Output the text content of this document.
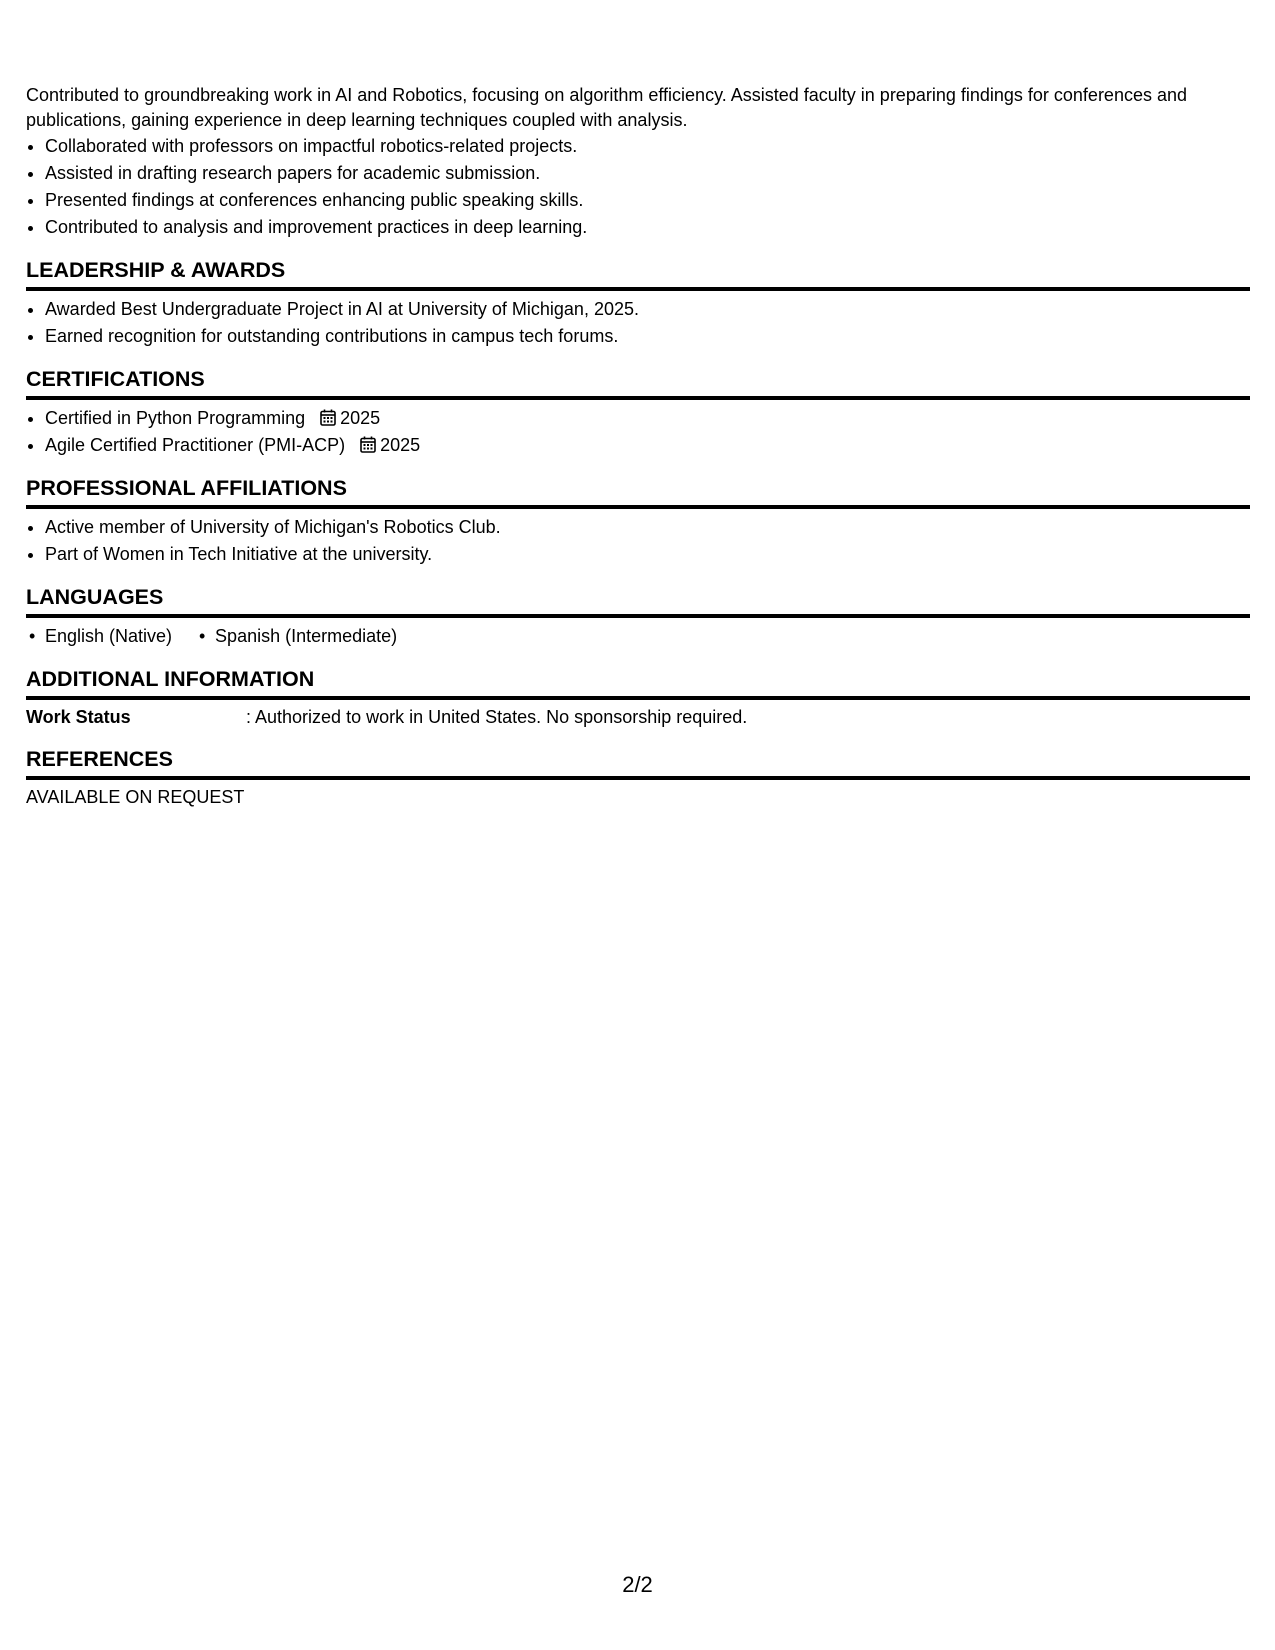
Contributed to groundbreaking work in AI and Robotics, focusing on algorithm efficiency. Assisted faculty in preparing findings for conferences and publications, gaining experience in deep learning techniques coupled with analysis.

• Collaborated with professors on impactful robotics-related projects.
• Assisted in drafting research papers for academic submission.
• Presented findings at conferences enhancing public speaking skills.
• Contributed to analysis and improvement practices in deep learning.
LEADERSHIP & AWARDS
• Awarded Best Undergraduate Project in AI at University of Michigan, 2025.
• Earned recognition for outstanding contributions in campus tech forums.
CERTIFICATIONS
• Certified in Python Programming 2025
• Agile Certified Practitioner (PMI-ACP) 2025
PROFESSIONAL AFFILIATIONS
• Active member of University of Michigan's Robotics Club.
• Part of Women in Tech Initiative at the university.
LANGUAGES
• English (Native)
•	Spanish (Intermediate)
ADDITIONAL INFORMATION
Work Status	: Authorized to work in United States. No sponsorship required.
REFERENCES
AVAILABLE ON REQUEST
2/2
